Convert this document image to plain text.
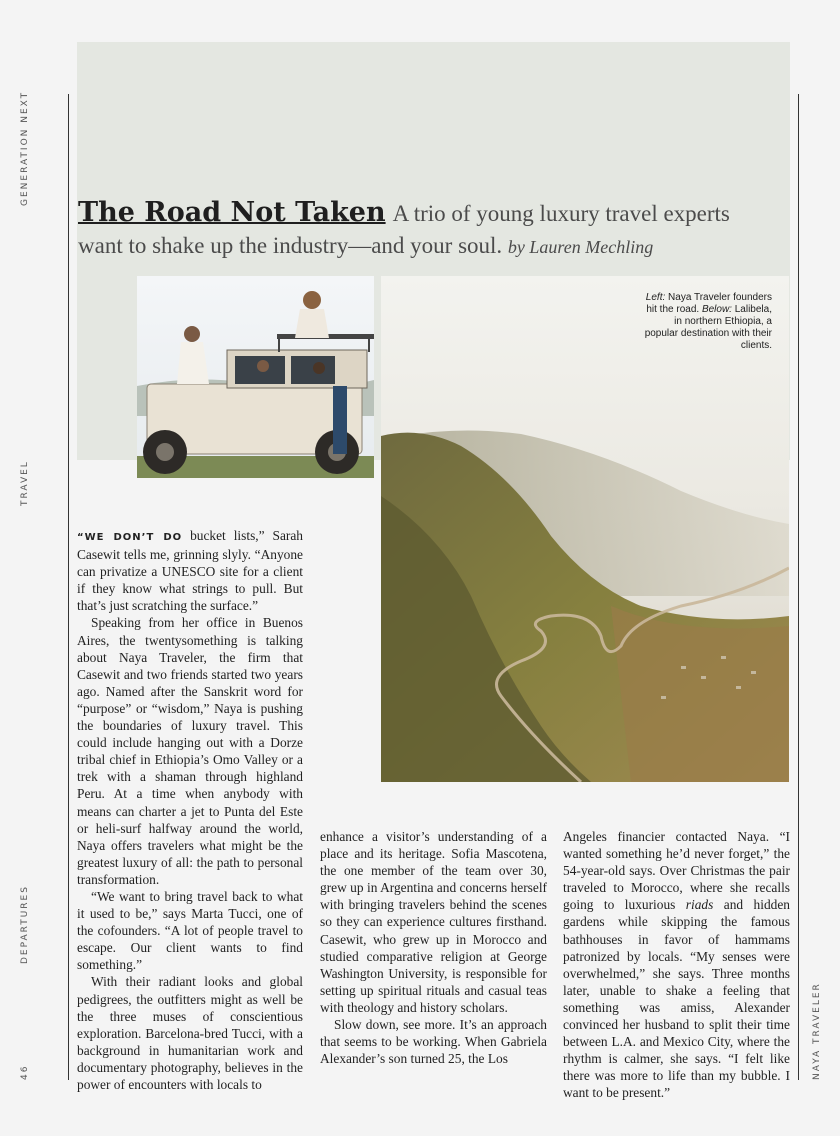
GENERATION NEXT
TRAVEL
DEPARTURES
46	NAYA TRAVELER
The Road Not Taken A trio of young luxury travel experts
want to shake up the industry—and your soul. by Lauren Mechling
Left: Naya Traveler founders hit the road. Below: Lalibela, in northern Ethiopia, a popular destination with their clients.

“WE DON’T DO bucket lists,” Sarah Casewit tells me, grinning slyly. “Anyone can privatize a UNESCO site for a client if they know what strings to pull. But that’s just scratching the surface.”

Speaking from her office in Buenos Aires, the twentysomething is talking about Naya Traveler, the firm that Casewit and two friends started two years ago. Named after the Sanskrit word for “purpose” or “wisdom,” Naya is pushing the boundaries of luxury travel. This could include hanging out with a Dorze tribal chief in Ethiopia’s Omo Valley or a trek with a shaman through highland Peru. At a time when anybody with means can charter a jet to Punta del Este or heli-surf halfway around the world, Naya offers travelers what might be the greatest luxury of all: the path to personal transformation.

“We want to bring travel back to what it used to be,” says Marta Tucci, one of the cofounders. “A lot of people travel to escape. Our client wants to find something.”

With their radiant looks and global pedigrees, the outfitters might as well be the three muses of conscientious exploration. Barcelona-bred Tucci, with a background in humanitarian work and documentary photography, believes in the power of encounters with locals to

enhance a visitor’s understanding of a place and its heritage. Sofia Mascotena, the one member of the team over 30, grew up in Argentina and concerns herself with bringing travelers behind the scenes so they can experience cultures firsthand. Casewit, who grew up in Morocco and studied comparative religion at George Washington University, is responsible for setting up spiritual rituals and casual teas with theology and history scholars.

Slow down, see more. It’s an approach that seems to be working. When Gabriela Alexander’s son turned 25, the Los

Angeles financier contacted Naya. “I wanted something he’d never forget,” the 54-year-old says. Over Christmas the pair traveled to Morocco, where she recalls going to luxurious riads and hidden gardens while skipping the famous bathhouses in favor of hammams patronized by locals. “My senses were overwhelmed,” she says. Three months later, unable to shake a feeling that something was amiss, Alexander convinced her husband to split their time between L.A. and Mexico City, where the rhythm is calmer, she says. “I felt like there was more to life than my bubble. I want to be present.”
